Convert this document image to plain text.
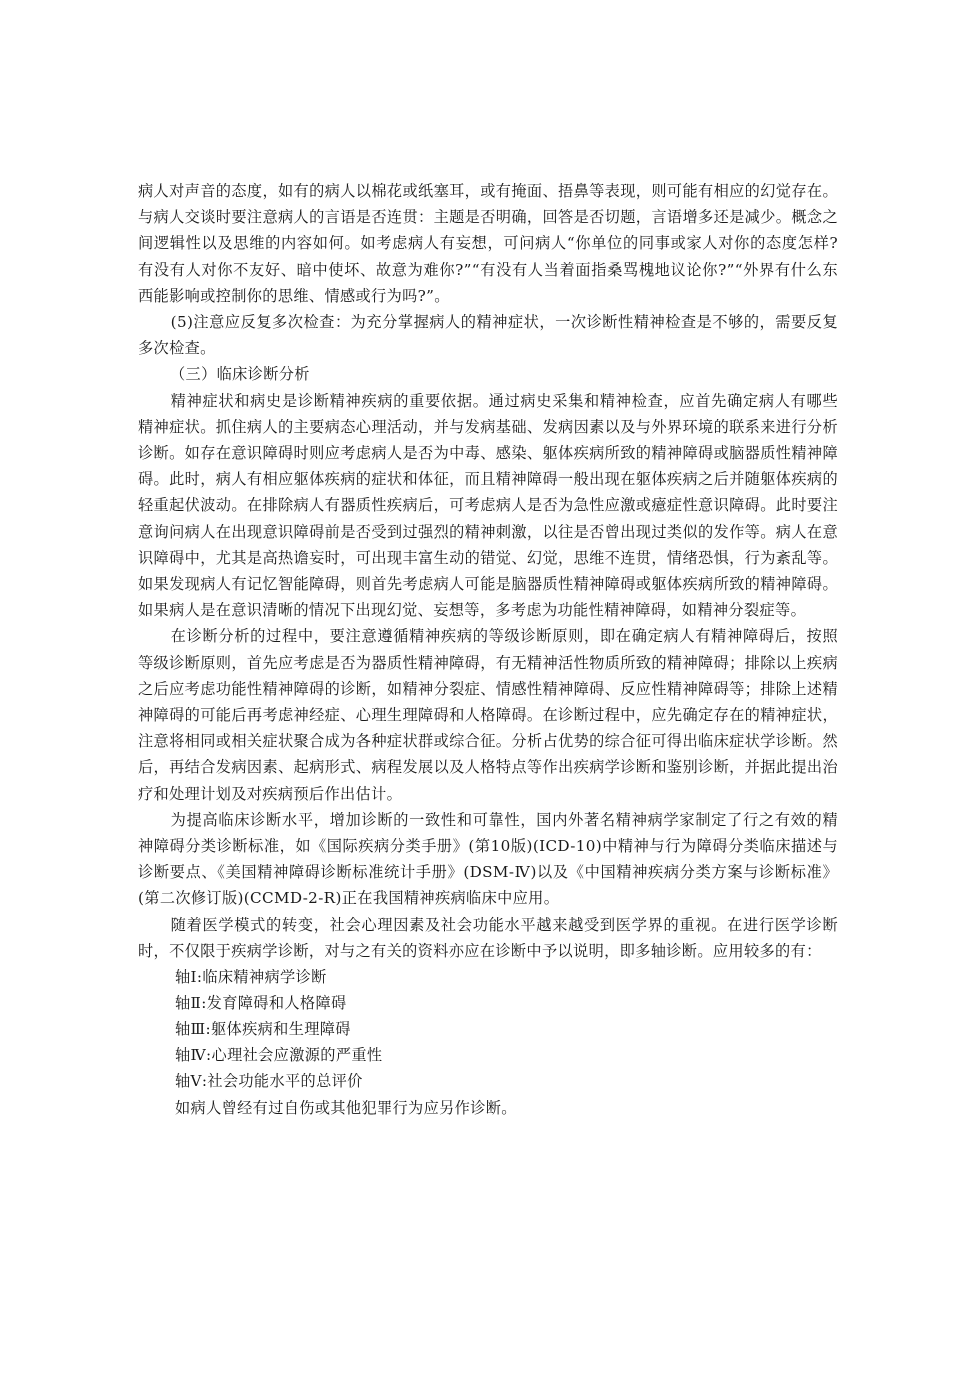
病人对声音的态度，如有的病人以棉花或纸塞耳，或有掩面、捂鼻等表现，则可能有相应的幻觉存在。与病人交谈时要注意病人的言语是否连贯：主题是否明确，回答是否切题，言语增多还是减少。概念之间逻辑性以及思维的内容如何。如考虑病人有妄想，可问病人“你单位的同事或家人对你的态度怎样?有没有人对你不友好、暗中使坏、故意为难你?”“有没有人当着面指桑骂槐地议论你?”“外界有什么东西能影响或控制你的思维、情感或行为吗?”。

(5)注意应反复多次检查：为充分掌握病人的精神症状，一次诊断性精神检查是不够的，需要反复多次检查。

（三）临床诊断分析

精神症状和病史是诊断精神疾病的重要依据。通过病史采集和精神检查，应首先确定病人有哪些精神症状。抓住病人的主要病态心理活动，并与发病基础、发病因素以及与外界环境的联系来进行分析诊断。如存在意识障碍时则应考虑病人是否为中毒、感染、躯体疾病所致的精神障碍或脑器质性精神障碍。此时，病人有相应躯体疾病的症状和体征，而且精神障碍一般出现在躯体疾病之后并随躯体疾病的轻重起伏波动。在排除病人有器质性疾病后，可考虑病人是否为急性应激或癔症性意识障碍。此时要注意询问病人在出现意识障碍前是否受到过强烈的精神刺激，以往是否曾出现过类似的发作等。病人在意识障碍中，尤其是高热谵妄时，可出现丰富生动的错觉、幻觉，思维不连贯，情绪恐惧，行为紊乱等。如果发现病人有记忆智能障碍，则首先考虑病人可能是脑器质性精神障碍或躯体疾病所致的精神障碍。如果病人是在意识清晰的情况下出现幻觉、妄想等，多考虑为功能性精神障碍，如精神分裂症等。

在诊断分析的过程中，要注意遵循精神疾病的等级诊断原则，即在确定病人有精神障碍后，按照等级诊断原则，首先应考虑是否为器质性精神障碍，有无精神活性物质所致的精神障碍；排除以上疾病之后应考虑功能性精神障碍的诊断，如精神分裂症、情感性精神障碍、反应性精神障碍等；排除上述精神障碍的可能后再考虑神经症、心理生理障碍和人格障碍。在诊断过程中，应先确定存在的精神症状，注意将相同或相关症状聚合成为各种症状群或综合征。分析占优势的综合征可得出临床症状学诊断。然后，再结合发病因素、起病形式、病程发展以及人格特点等作出疾病学诊断和鉴别诊断，并据此提出治疗和处理计划及对疾病预后作出估计。

为提高临床诊断水平，增加诊断的一致性和可靠性，国内外著名精神病学家制定了行之有效的精神障碍分类诊断标准，如《国际疾病分类手册》(第10版)(ICD-10)中精神与行为障碍分类临床描述与诊断要点、《美国精神障碍诊断标准统计手册》(DSM-Ⅳ)以及《中国精神疾病分类方案与诊断标准》(第二次修订版)(CCMD-2-R)正在我国精神疾病临床中应用。

随着医学模式的转变，社会心理因素及社会功能水平越来越受到医学界的重视。在进行医学诊断时，不仅限于疾病学诊断，对与之有关的资料亦应在诊断中予以说明，即多轴诊断。应用较多的有：

轴Ⅰ:临床精神病学诊断

轴Ⅱ:发育障碍和人格障碍

轴Ⅲ:躯体疾病和生理障碍

轴Ⅳ:心理社会应激源的严重性

轴Ⅴ:社会功能水平的总评价

如病人曾经有过自伤或其他犯罪行为应另作诊断。
